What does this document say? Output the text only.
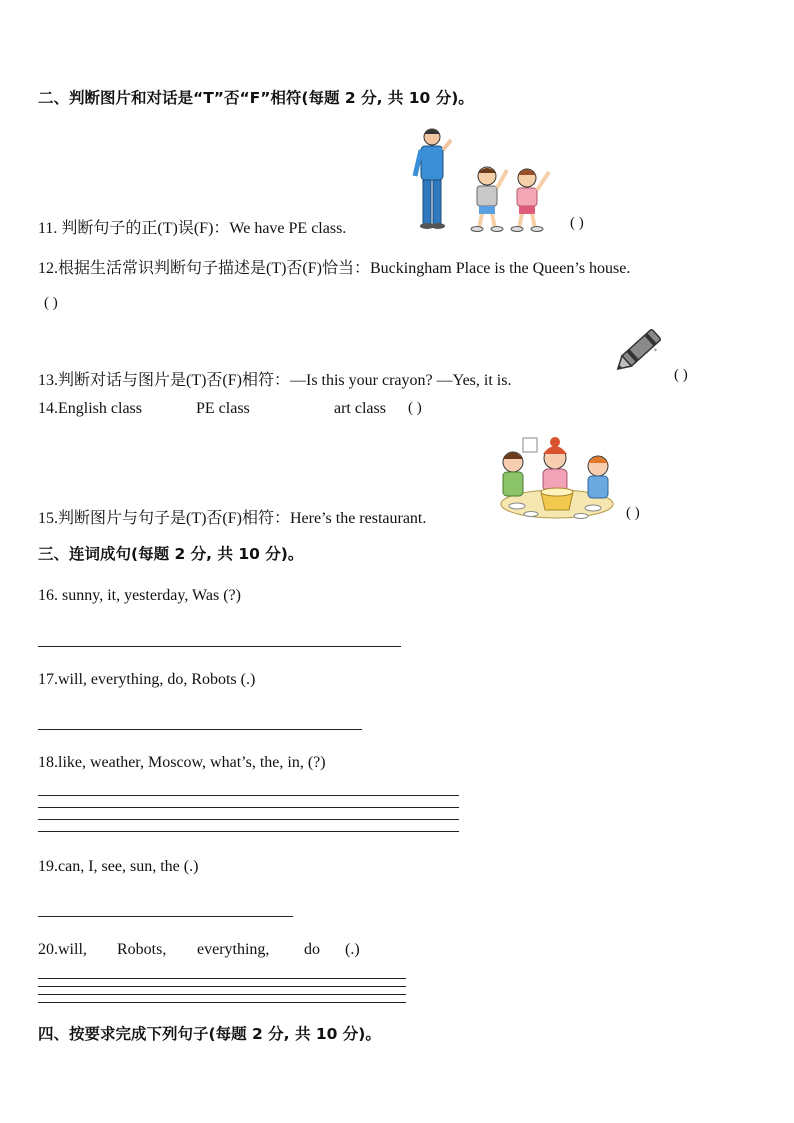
二、判断图片和对话是“T”否“F”相符(每题 2 分, 共 10 分)。
11. 判断句子的正(T)误(F)：We have PE class.	( )
12.根据生活常识判断句子描述是(T)否(F)恰当：Buckingham Place is the Queen’s house.
( )
13.判断对话与图片是(T)否(F)相符：—Is this your crayon? —Yes, it is.
✦
( )
14.English class	PE class	art class ( )
15.判断图片与句子是(T)否(F)相符：Here’s the restaurant.	( )
三、连词成句(每题 2 分, 共 10 分)。
16. sunny, it, yesterday, Was (?)
17.will, everything, do, Robots (.)
18.like, weather, Moscow, what’s, the, in, (?)
19.can, I, see, sun, the (.)
20.will, Robots, everything, do (.)
四、按要求完成下列句子(每题 2 分, 共 10 分)。
